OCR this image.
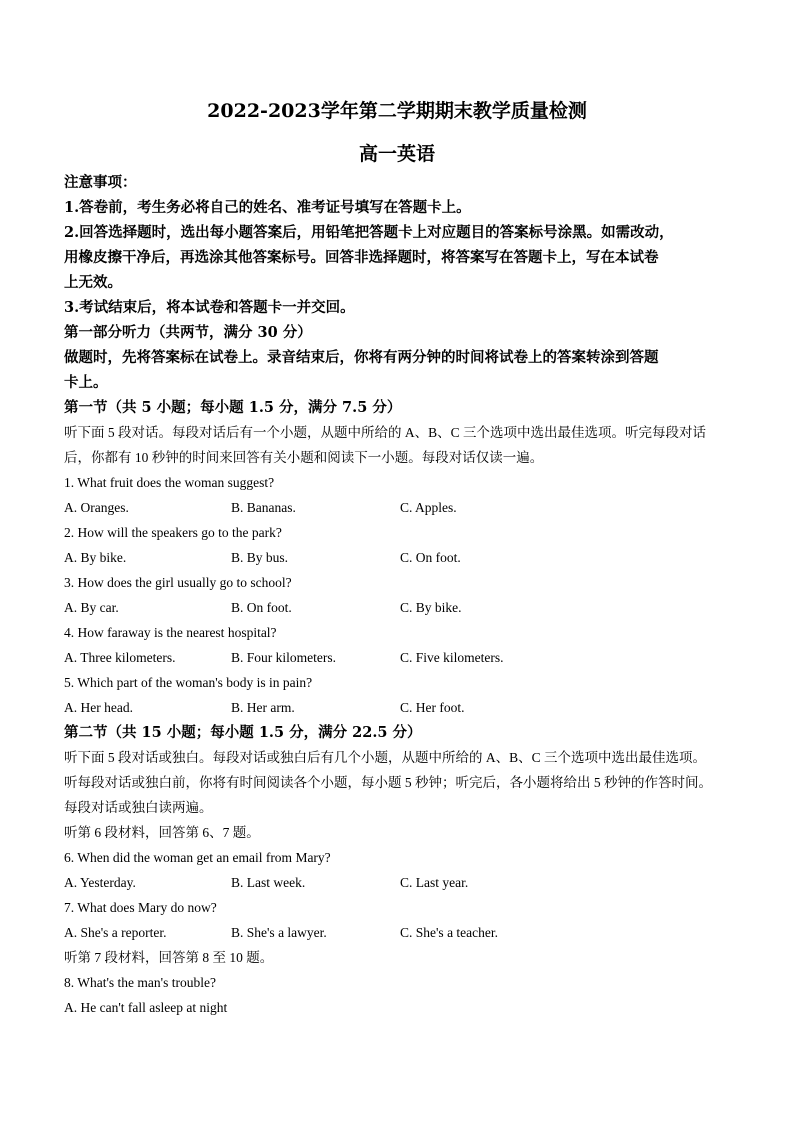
2022-2023学年第二学期期末教学质量检测
高一英语
注意事项：
1.答卷前，考生务必将自己的姓名、准考证号填写在答题卡上。
2.回答选择题时，选出每小题答案后，用铅笔把答题卡上对应题目的答案标号涂黑。如需改动，
用橡皮擦干净后，再选涂其他答案标号。回答非选择题时，将答案写在答题卡上，写在本试卷
上无效。
3.考试结束后，将本试卷和答题卡一并交回。
第一部分听力（共两节，满分 30 分）
做题时，先将答案标在试卷上。录音结束后，你将有两分钟的时间将试卷上的答案转涂到答题
卡上。
第一节（共 5 小题；每小题 1.5 分，满分 7.5 分）
听下面 5 段对话。每段对话后有一个小题，从题中所给的 A、B、C 三个选项中选出最佳选项。听完每段对话
后，你都有 10 秒钟的时间来回答有关小题和阅读下一小题。每段对话仅读一遍。
1. What fruit does the woman suggest?
A. Oranges.	B. Bananas.	C. Apples.
2. How will the speakers go to the park?
A. By bike.	B. By bus.	C. On foot.
3. How does the girl usually go to school?
A. By car.	B. On foot.	C. By bike.
4. How faraway is the nearest hospital?
A. Three kilometers.	B. Four kilometers.	C. Five kilometers.
5. Which part of the woman's body is in pain?
A. Her head.	B. Her arm.	C. Her foot.
第二节（共 15 小题；每小题 1.5 分，满分 22.5 分）
听下面 5 段对话或独白。每段对话或独白后有几个小题，从题中所给的 A、B、C 三个选项中选出最佳选项。
听每段对话或独白前，你将有时间阅读各个小题，每小题 5 秒钟；听完后，各小题将给出 5 秒钟的作答时间。
每段对话或独白读两遍。
听第 6 段材料，回答第 6、7 题。
6. When did the woman get an email from Mary?
A. Yesterday.	B. Last week.	C. Last year.
7. What does Mary do now?
A. She's a reporter.	B. She's a lawyer.	C. She's a teacher.
听第 7 段材料，回答第 8 至 10 题。
8. What's the man's trouble?
A. He can't fall asleep at night
